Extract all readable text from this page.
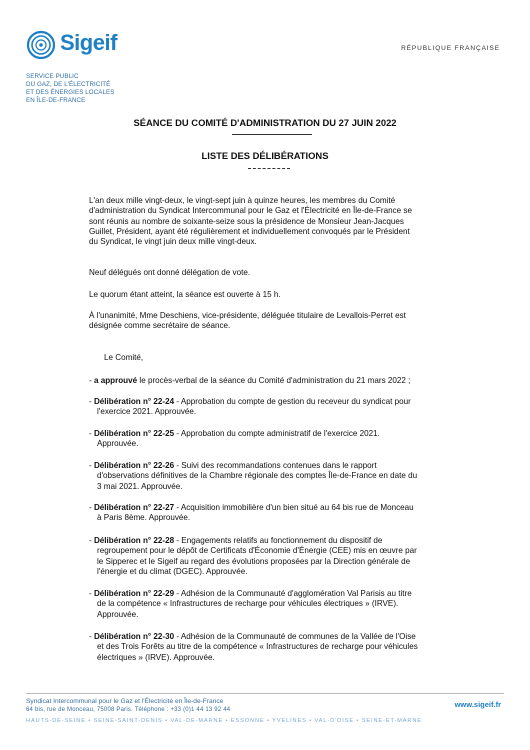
Sigeif
SERVICE PUBLIC
DU GAZ, DE L'ÉLECTRICITÉ
ET DES ÉNERGIES LOCALES
EN ÎLE-DE-FRANCE
RÉPUBLIQUE FRANÇAISE
SÉANCE DU COMITÉ D'ADMINISTRATION DU 27 JUIN 2022
LISTE DES DÉLIBÉRATIONS
L'an deux mille vingt-deux, le vingt-sept juin à quinze heures, les membres du Comité
d'administration du Syndicat Intercommunal pour le Gaz et l'Électricité en Île-de-France se
sont réunis au nombre de soixante-seize sous la présidence de Monsieur Jean-Jacques
Guillet, Président, ayant été régulièrement et individuellement convoqués par le Président
du Syndicat, le vingt juin deux mille vingt-deux.
Neuf délégués ont donné délégation de vote.
Le quorum étant atteint, la séance est ouverte à 15 h.
À l'unanimité, Mme Deschiens, vice-présidente, déléguée titulaire de Levallois-Perret est
désignée comme secrétaire de séance.
Le Comité,
- a approuvé le procès-verbal de la séance du Comité d'administration du 21 mars 2022 ;
- Délibération n° 22-24 - Approbation du compte de gestion du receveur du syndicat pour
l'exercice 2021. Approuvée.
- Délibération n° 22-25 - Approbation du compte administratif de l'exercice 2021.
Approuvée.
- Délibération n° 22-26 - Suivi des recommandations contenues dans le rapport
d'observations définitives de la Chambre régionale des comptes Île-de-France en date du
3 mai 2021. Approuvée.
- Délibération n° 22-27 - Acquisition immobilière d'un bien situé au 64 bis rue de Monceau
à Paris 8ème. Approuvée.
- Délibération n° 22-28 - Engagements relatifs au fonctionnement du dispositif de
regroupement pour le dépôt de Certificats d'Économie d'Énergie (CEE) mis en œuvre par
le Sipperec et le Sigeif au regard des évolutions proposées par la Direction générale de
l'énergie et du climat (DGEC). Approuvée.
- Délibération n° 22-29 - Adhésion de la Communauté d'agglomération Val Parisis au titre
de la compétence « Infrastructures de recharge pour véhicules électriques » (IRVE).
Approuvée.
- Délibération n° 22-30 - Adhésion de la Communauté de communes de la Vallée de l'Oise
et des Trois Forêts au titre de la compétence « Infrastructures de recharge pour véhicules
électriques » (IRVE). Approuvée.
Syndicat Intercommunal pour le Gaz et l'Électricité en Île-de-France
64 bis, rue de Monceau, 75008 Paris. Téléphone : +33 (0)1 44 13 92 44
www.sigeif.fr
HAUTS-DE-SEINE • SEINE-SAINT-DENIS • VAL-DE-MARNE • ESSONNE • YVELINES • VAL-D'OISE • SEINE-ET-MARNE
